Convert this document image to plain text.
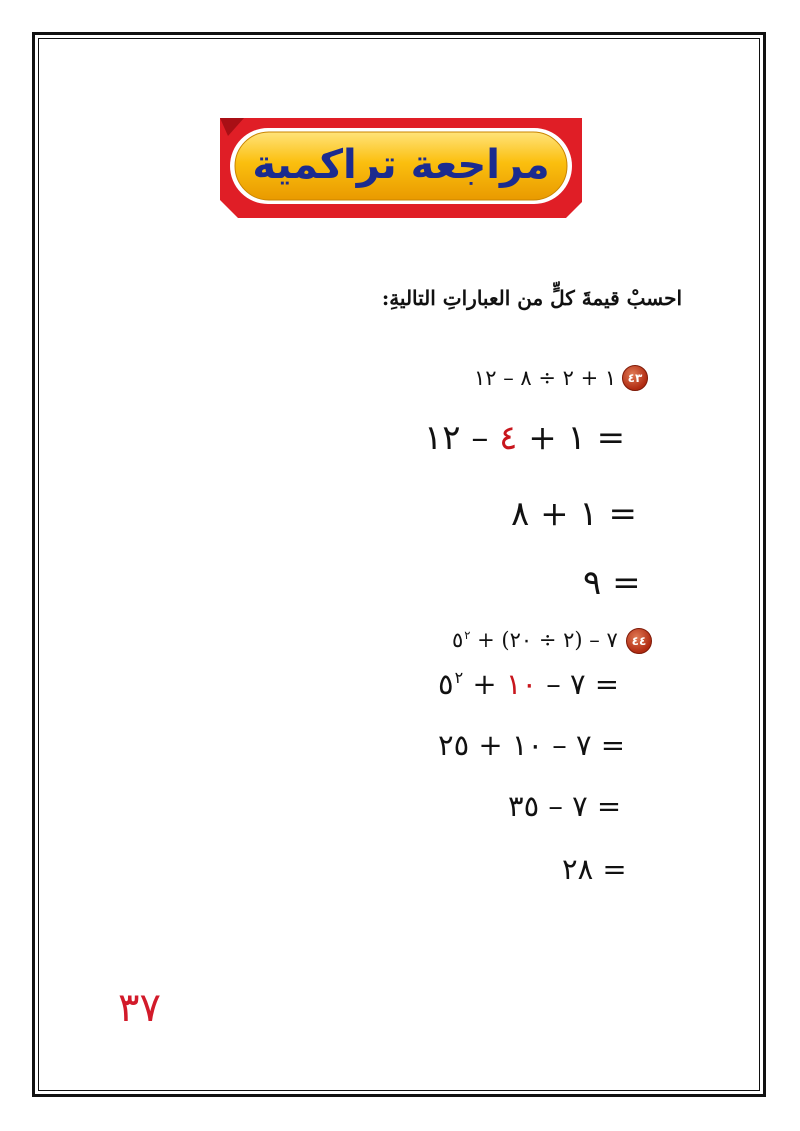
مراجعة تراكمية
احسبْ قيمةَ كلٍّ من العباراتِ التاليةِ:
٤٣
١ + ٢ ÷ ٨ – ١٢
١ + ٤ – ١٢ =
١ + ٨ =
٩ =
٤٤
٧ – (٢ ÷ ٢٠) + $٥^٢$
٧ – ١٠ + $٥^٢$	=
٧ – ١٠ + ٢٥ =
٧ – ٣٥ =
٢٨ =
٣٧
